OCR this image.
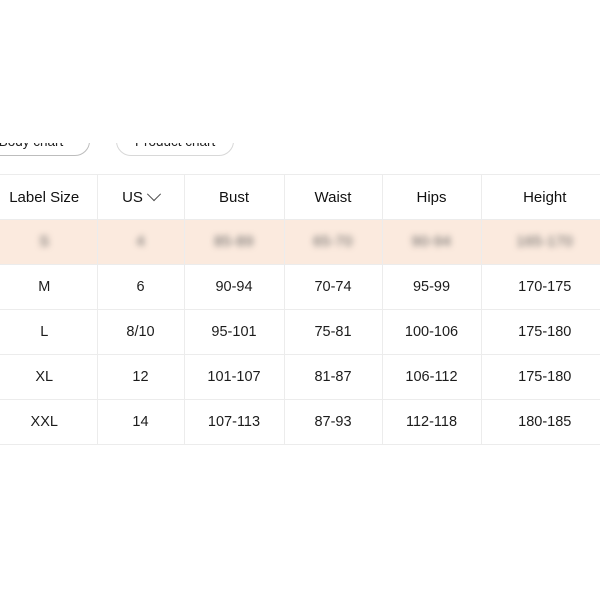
Label Size	US	Bust	Waist	Hips	Height

S	4	85-89	65-70	90-94	165-170
M	6	90-94	70-74	95-99	170-175
L	8/10	95-101	75-81	100-106	175-180
XL	12	101-107	81-87	106-112	175-180
XXL	14	107-113	87-93	112-118	180-185
